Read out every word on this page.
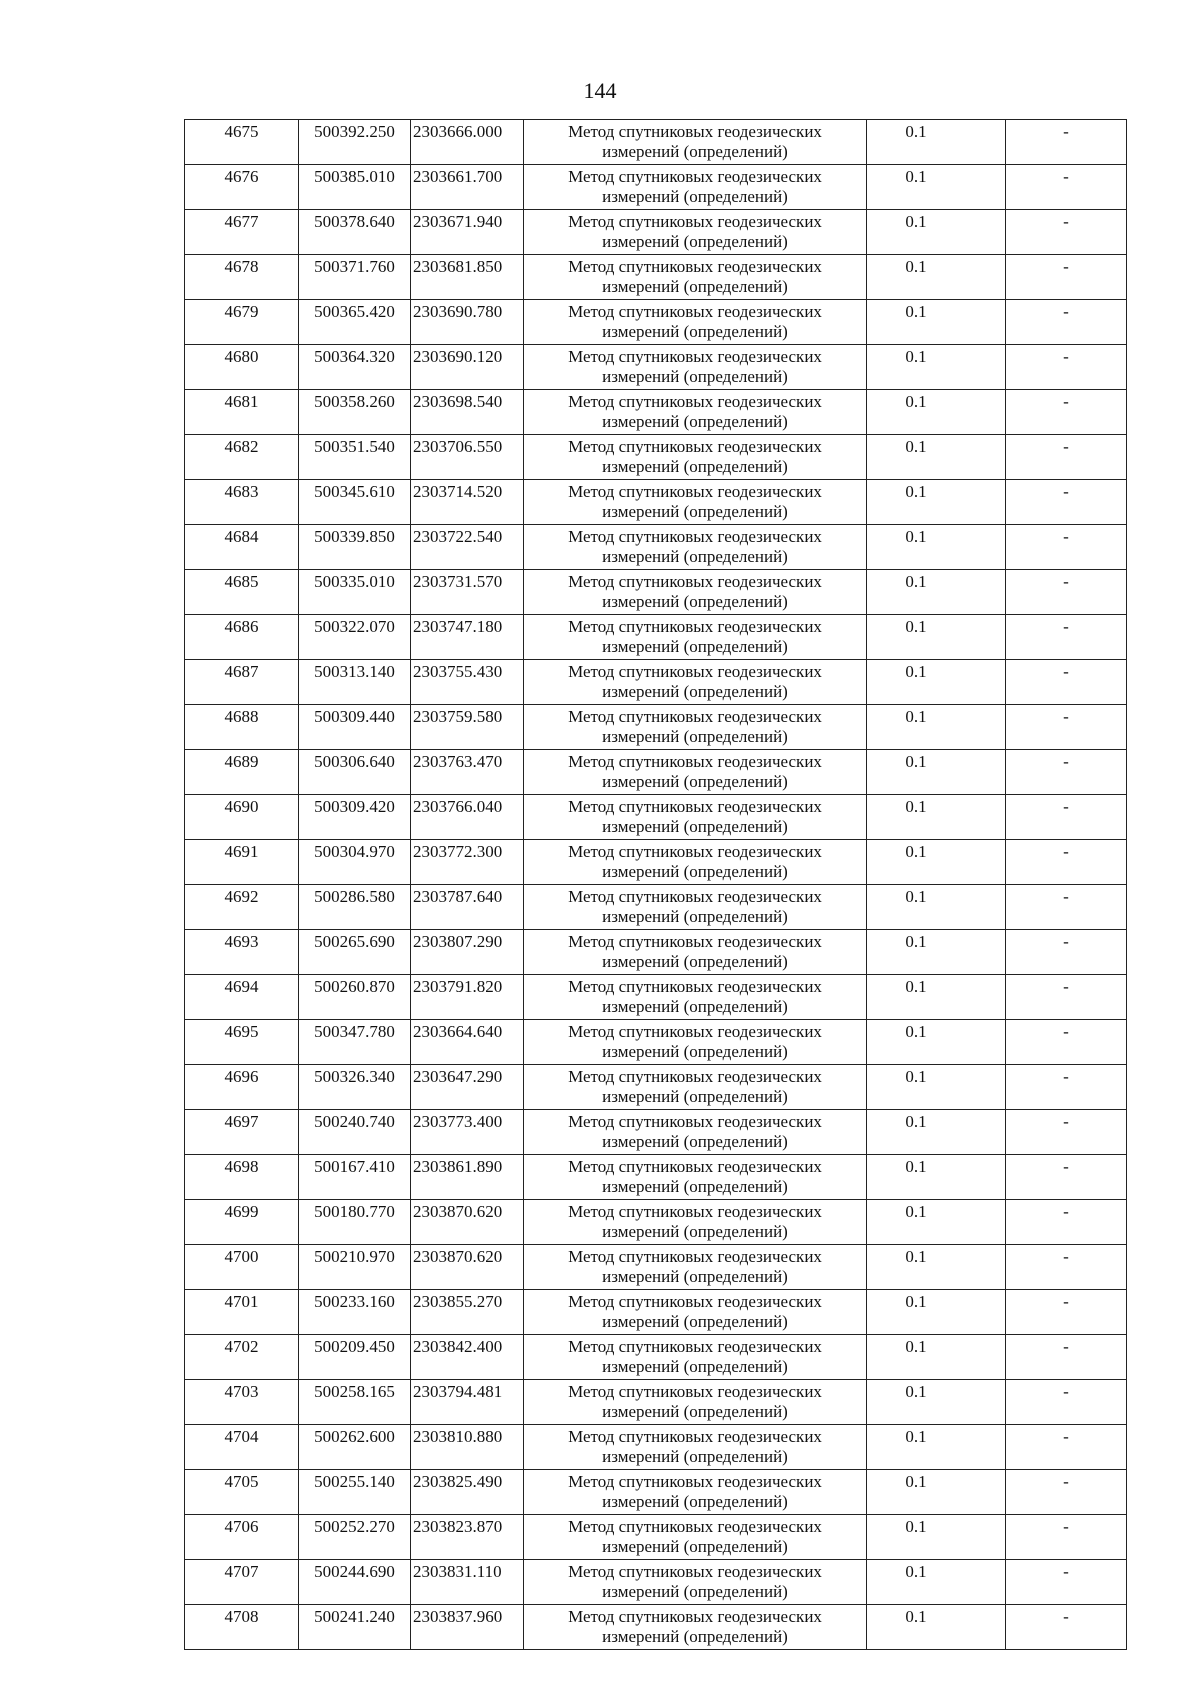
144
4675	500392.250	2303666.000	Метод спутниковых геодезических
измерений (определений)	0.1	-
4676	500385.010	2303661.700	Метод спутниковых геодезических
измерений (определений)	0.1	-
4677	500378.640	2303671.940	Метод спутниковых геодезических
измерений (определений)	0.1	-
4678	500371.760	2303681.850	Метод спутниковых геодезических
измерений (определений)	0.1	-
4679	500365.420	2303690.780	Метод спутниковых геодезических
измерений (определений)	0.1	-
4680	500364.320	2303690.120	Метод спутниковых геодезических
измерений (определений)	0.1	-
4681	500358.260	2303698.540	Метод спутниковых геодезических
измерений (определений)	0.1	-
4682	500351.540	2303706.550	Метод спутниковых геодезических
измерений (определений)	0.1	-
4683	500345.610	2303714.520	Метод спутниковых геодезических
измерений (определений)	0.1	-
4684	500339.850	2303722.540	Метод спутниковых геодезических
измерений (определений)	0.1	-
4685	500335.010	2303731.570	Метод спутниковых геодезических
измерений (определений)	0.1	-
4686	500322.070	2303747.180	Метод спутниковых геодезических
измерений (определений)	0.1	-
4687	500313.140	2303755.430	Метод спутниковых геодезических
измерений (определений)	0.1	-
4688	500309.440	2303759.580	Метод спутниковых геодезических
измерений (определений)	0.1	-
4689	500306.640	2303763.470	Метод спутниковых геодезических
измерений (определений)	0.1	-
4690	500309.420	2303766.040	Метод спутниковых геодезических
измерений (определений)	0.1	-
4691	500304.970	2303772.300	Метод спутниковых геодезических
измерений (определений)	0.1	-
4692	500286.580	2303787.640	Метод спутниковых геодезических
измерений (определений)	0.1	-
4693	500265.690	2303807.290	Метод спутниковых геодезических
измерений (определений)	0.1	-
4694	500260.870	2303791.820	Метод спутниковых геодезических
измерений (определений)	0.1	-
4695	500347.780	2303664.640	Метод спутниковых геодезических
измерений (определений)	0.1	-
4696	500326.340	2303647.290	Метод спутниковых геодезических
измерений (определений)	0.1	-
4697	500240.740	2303773.400	Метод спутниковых геодезических
измерений (определений)	0.1	-
4698	500167.410	2303861.890	Метод спутниковых геодезических
измерений (определений)	0.1	-
4699	500180.770	2303870.620	Метод спутниковых геодезических
измерений (определений)	0.1	-
4700	500210.970	2303870.620	Метод спутниковых геодезических
измерений (определений)	0.1	-
4701	500233.160	2303855.270	Метод спутниковых геодезических
измерений (определений)	0.1	-
4702	500209.450	2303842.400	Метод спутниковых геодезических
измерений (определений)	0.1	-
4703	500258.165	2303794.481	Метод спутниковых геодезических
измерений (определений)	0.1	-
4704	500262.600	2303810.880	Метод спутниковых геодезических
измерений (определений)	0.1	-
4705	500255.140	2303825.490	Метод спутниковых геодезических
измерений (определений)	0.1	-
4706	500252.270	2303823.870	Метод спутниковых геодезических
измерений (определений)	0.1	-
4707	500244.690	2303831.110	Метод спутниковых геодезических
измерений (определений)	0.1	-
4708	500241.240	2303837.960	Метод спутниковых геодезических
измерений (определений)	0.1	-
